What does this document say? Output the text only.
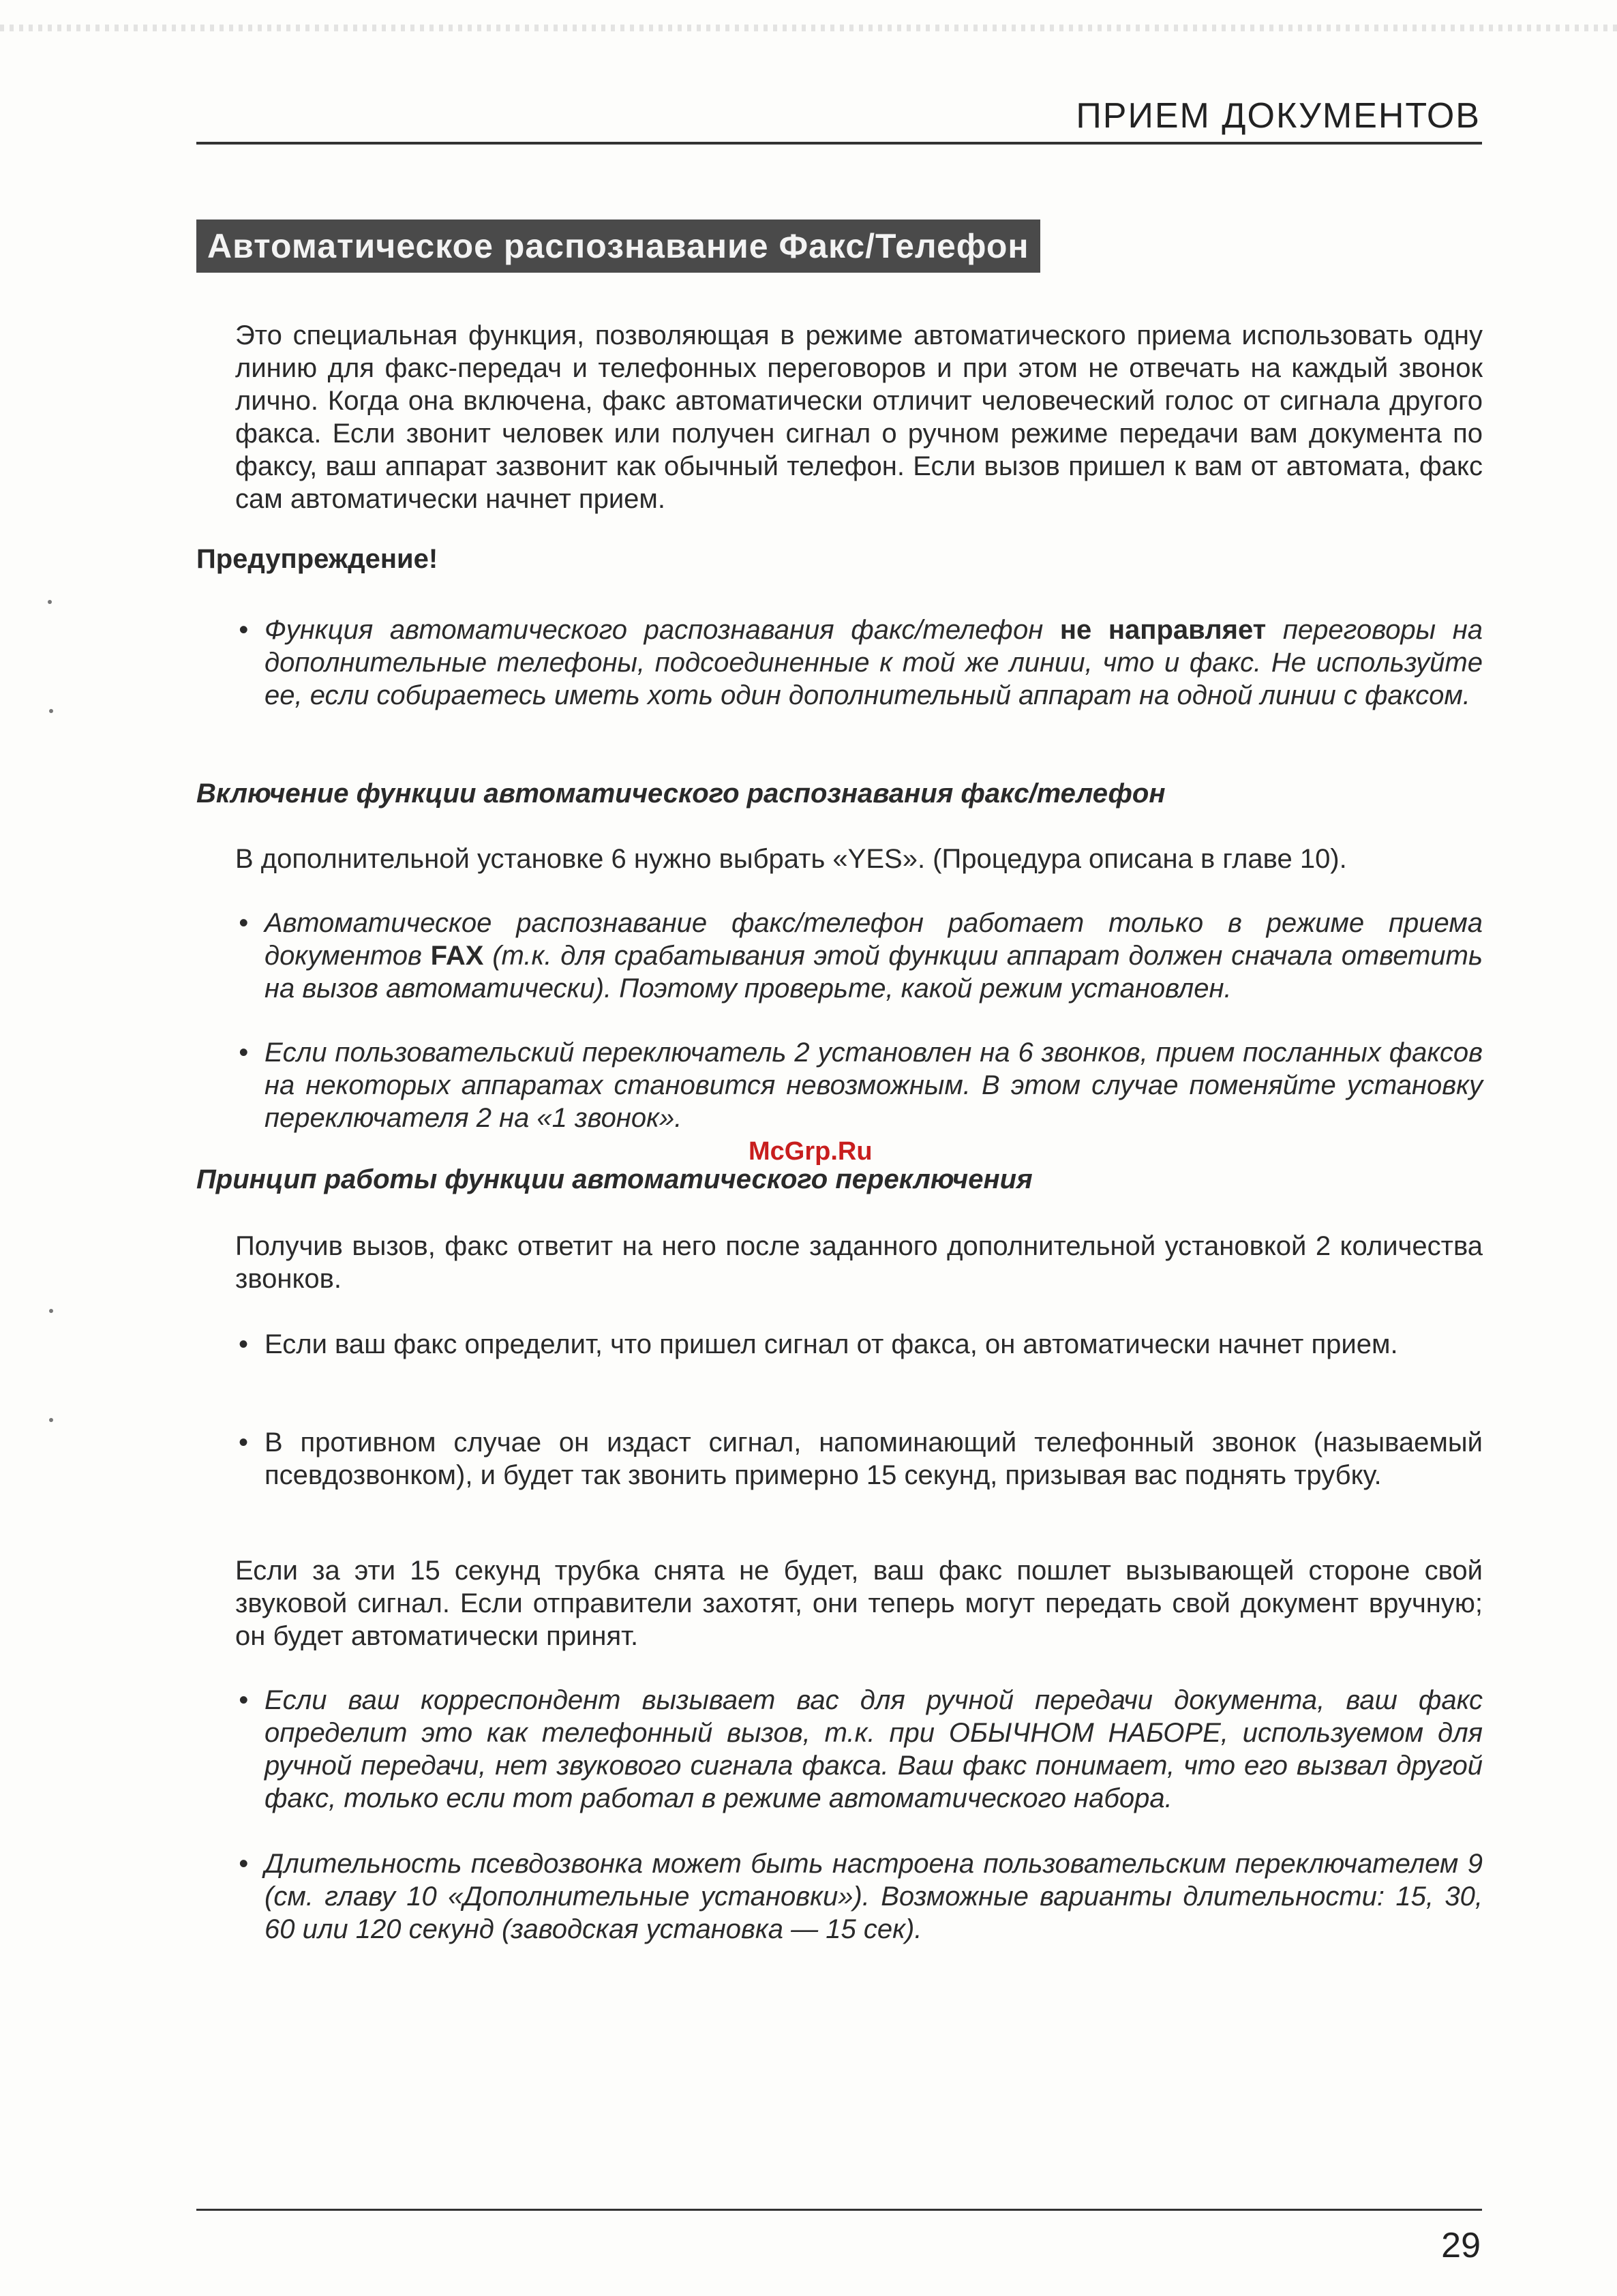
ПРИЕМ ДОКУМЕНТОВ
Автоматическое распознавание Факс/Телефон

Это специальная функция, позволяющая в режиме автоматического приема использовать одну линию для факс-передач и телефонных переговоров и при этом не отвечать на каждый звонок лично. Когда она включена, факс автоматически отличит человеческий голос от сигнала другого факса. Если звонит человек или получен сигнал о ручном режиме передачи вам документа по факсу, ваш аппарат зазвонит как обычный телефон. Если вызов пришел к вам от автомата, факс сам автоматически начнет прием.

Предупреждение!
• Функция автоматического распознавания факс/телефон не направляет переговоры на дополнительные телефоны, подсоединенные к той же линии, что и факс. Не используйте ее, если собираетесь иметь хоть один дополнительный аппарат на одной линии с факсом.
Включение функции автоматического распознавания факс/телефон

В дополнительной установке 6 нужно выбрать «YES». (Процедура описана в главе 10).

• Автоматическое распознавание факс/телефон работает только в режиме приема документов FAX (т.к. для срабатывания этой функции аппарат должен сначала ответить на вызов автоматически). Поэтому проверьте, какой режим установлен.
• Если пользовательский переключатель 2 установлен на 6 звонков, прием посланных факсов на некоторых аппаратах становится невозможным. В этом случае поменяйте установку переключателя 2 на «1 звонок».
McGrp.Ru
Принцип работы функции автоматического переключения

Получив вызов, факс ответит на него после заданного дополнительной установкой 2 количества звонков.

• Если ваш факс определит, что пришел сигнал от факса, он автоматически начнет прием.
• В противном случае он издаст сигнал, напоминающий телефонный звонок (называемый псевдозвонком), и будет так звонить примерно 15 секунд, призывая вас поднять трубку.

Если за эти 15 секунд трубка снята не будет, ваш факс пошлет вызывающей стороне свой звуковой сигнал. Если отправители захотят, они теперь могут передать свой документ вручную; он будет автоматически принят.

• Если ваш корреспондент вызывает вас для ручной передачи документа, ваш факс определит это как телефонный вызов, т.к. при ОБЫЧНОМ НАБОРЕ, используемом для ручной передачи, нет звукового сигнала факса. Ваш факс понимает, что его вызвал другой факс, только если тот работал в режиме автоматического набора.
• Длительность псевдозвонка может быть настроена пользовательским переключателем 9 (см. главу 10 «Дополнительные установки»). Возможные варианты длительности: 15, 30, 60 или 120 секунд (заводская установка — 15 сек).
29
